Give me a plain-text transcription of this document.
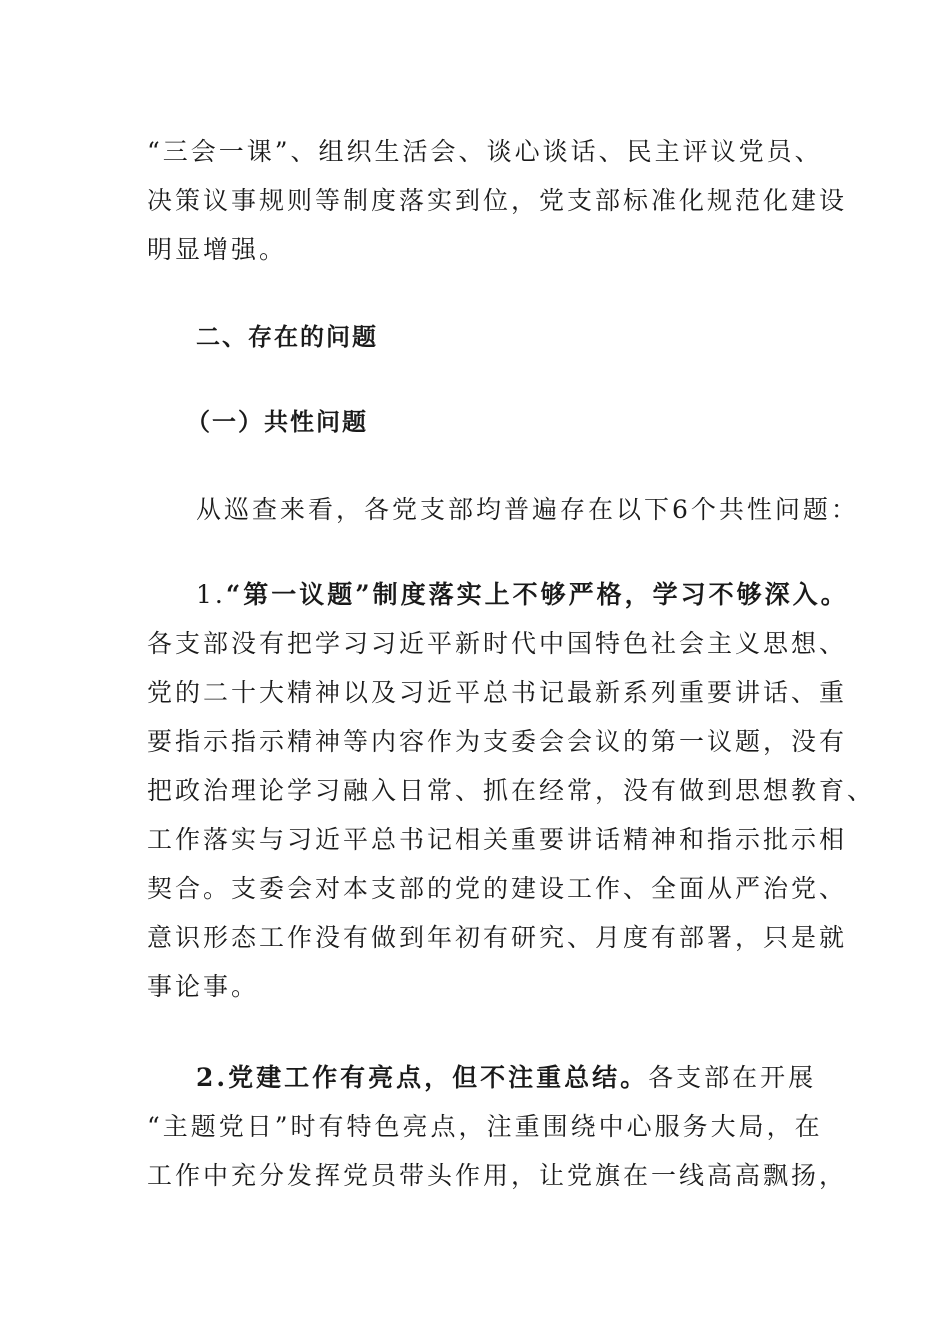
“三会一课”、组织生活会、谈心谈话、民主评议党员、

决策议事规则等制度落实到位，党支部标准化规范化建设

明显增强。

二、存在的问题
（一）共性问题

从巡查来看，各党支部均普遍存在以下6个共性问题：

1.“第一议题”制度落实上不够严格，学习不够深入。

各支部没有把学习习近平新时代中国特色社会主义思想、

党的二十大精神以及习近平总书记最新系列重要讲话、重

要指示指示精神等内容作为支委会会议的第一议题，没有

把政治理论学习融入日常、抓在经常，没有做到思想教育、

工作落实与习近平总书记相关重要讲话精神和指示批示相

契合。支委会对本支部的党的建设工作、全面从严治党、

意识形态工作没有做到年初有研究、月度有部署，只是就

事论事。

2.党建工作有亮点，但不注重总结。各支部在开展

“主题党日”时有特色亮点，注重围绕中心服务大局，在

工作中充分发挥党员带头作用，让党旗在一线高高飘扬，
